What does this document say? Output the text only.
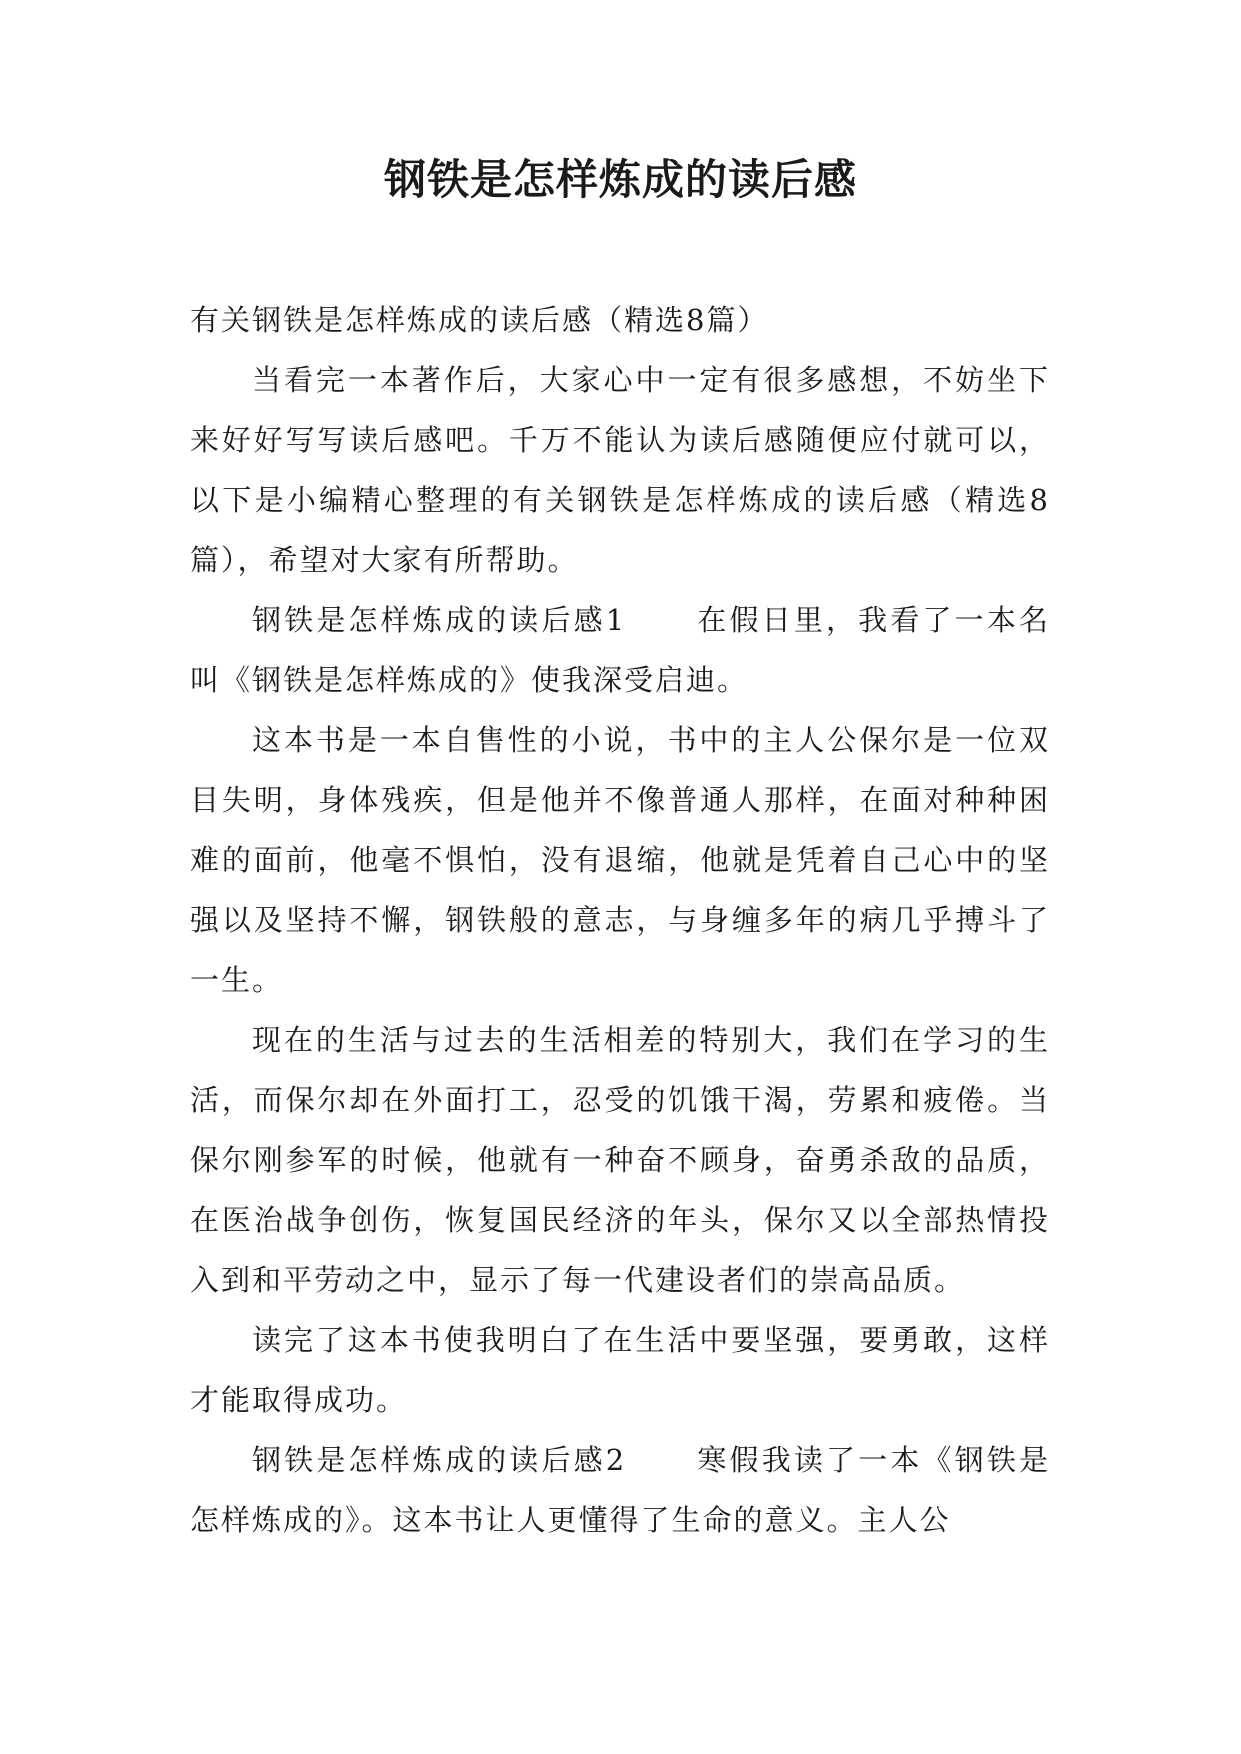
钢铁是怎样炼成的读后感

有关钢铁是怎样炼成的读后感（精选8篇）

当看完一本著作后，大家心中一定有很多感想，不妨坐下来好好写写读后感吧。千万不能认为读后感随便应付就可以，以下是小编精心整理的有关钢铁是怎样炼成的读后感（精选8篇），希望对大家有所帮助。

钢铁是怎样炼成的读后感1 在假日里，我看了一本名叫《钢铁是怎样炼成的》使我深受启迪。

这本书是一本自售性的小说，书中的主人公保尔是一位双目失明，身体残疾，但是他并不像普通人那样，在面对种种困难的面前，他毫不惧怕，没有退缩，他就是凭着自己心中的坚强以及坚持不懈，钢铁般的意志，与身缠多年的病几乎搏斗了一生。

现在的生活与过去的生活相差的特别大，我们在学习的生活，而保尔却在外面打工，忍受的饥饿干渴，劳累和疲倦。当保尔刚参军的时候，他就有一种奋不顾身，奋勇杀敌的品质，在医治战争创伤，恢复国民经济的年头，保尔又以全部热情投入到和平劳动之中，显示了每一代建设者们的崇高品质。

读完了这本书使我明白了在生活中要坚强，要勇敢，这样才能取得成功。

钢铁是怎样炼成的读后感2 寒假我读了一本《钢铁是怎样炼成的》。这本书让人更懂得了生命的意义。主人公
